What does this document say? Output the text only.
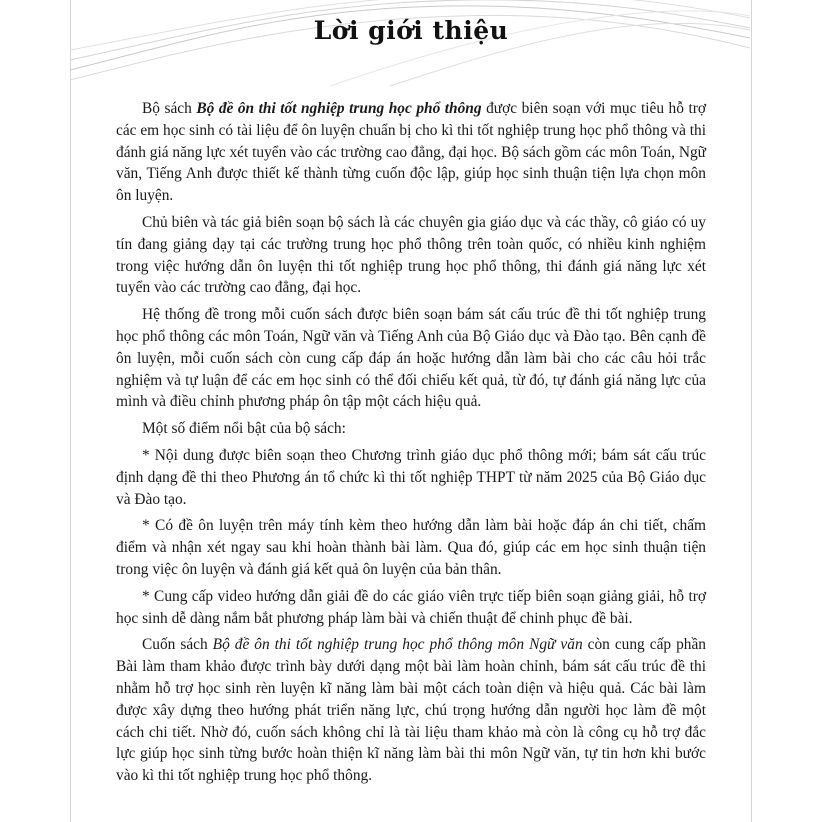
Lời giới thiệu

Bộ sách Bộ đề ôn thi tốt nghiệp trung học phổ thông được biên soạn với mục tiêu hỗ trợ các em học sinh có tài liệu để ôn luyện chuẩn bị cho kì thi tốt nghiệp trung học phổ thông và thi đánh giá năng lực xét tuyển vào các trường cao đẳng, đại học. Bộ sách gồm các môn Toán, Ngữ văn, Tiếng Anh được thiết kế thành từng cuốn độc lập, giúp học sinh thuận tiện lựa chọn môn ôn luyện.

Chủ biên và tác giả biên soạn bộ sách là các chuyên gia giáo dục và các thầy, cô giáo có uy tín đang giảng dạy tại các trường trung học phổ thông trên toàn quốc, có nhiều kinh nghiệm trong việc hướng dẫn ôn luyện thi tốt nghiệp trung học phổ thông, thi đánh giá năng lực xét tuyển vào các trường cao đẳng, đại học.

Hệ thống đề trong mỗi cuốn sách được biên soạn bám sát cấu trúc đề thi tốt nghiệp trung học phổ thông các môn Toán, Ngữ văn và Tiếng Anh của Bộ Giáo dục và Đào tạo. Bên cạnh đề ôn luyện, mỗi cuốn sách còn cung cấp đáp án hoặc hướng dẫn làm bài cho các câu hỏi trắc nghiệm và tự luận để các em học sinh có thể đối chiếu kết quả, từ đó, tự đánh giá năng lực của mình và điều chỉnh phương pháp ôn tập một cách hiệu quả.

Một số điểm nổi bật của bộ sách:

* Nội dung được biên soạn theo Chương trình giáo dục phổ thông mới; bám sát cấu trúc định dạng đề thi theo Phương án tổ chức kì thi tốt nghiệp THPT từ năm 2025 của Bộ Giáo dục và Đào tạo.

* Có đề ôn luyện trên máy tính kèm theo hướng dẫn làm bài hoặc đáp án chi tiết, chấm điểm và nhận xét ngay sau khi hoàn thành bài làm. Qua đó, giúp các em học sinh thuận tiện trong việc ôn luyện và đánh giá kết quả ôn luyện của bản thân.

* Cung cấp video hướng dẫn giải đề do các giáo viên trực tiếp biên soạn giảng giải, hỗ trợ học sinh dễ dàng nắm bắt phương pháp làm bài và chiến thuật để chinh phục đề bài.

Cuốn sách Bộ đề ôn thi tốt nghiệp trung học phổ thông môn Ngữ văn còn cung cấp phần Bài làm tham khảo được trình bày dưới dạng một bài làm hoàn chỉnh, bám sát cấu trúc đề thi nhằm hỗ trợ học sinh rèn luyện kĩ năng làm bài một cách toàn diện và hiệu quả. Các bài làm được xây dựng theo hướng phát triển năng lực, chú trọng hướng dẫn người học làm đề một cách chi tiết. Nhờ đó, cuốn sách không chỉ là tài liệu tham khảo mà còn là công cụ hỗ trợ đắc lực giúp học sinh từng bước hoàn thiện kĩ năng làm bài thi môn Ngữ văn, tự tin hơn khi bước vào kì thi tốt nghiệp trung học phổ thông.
